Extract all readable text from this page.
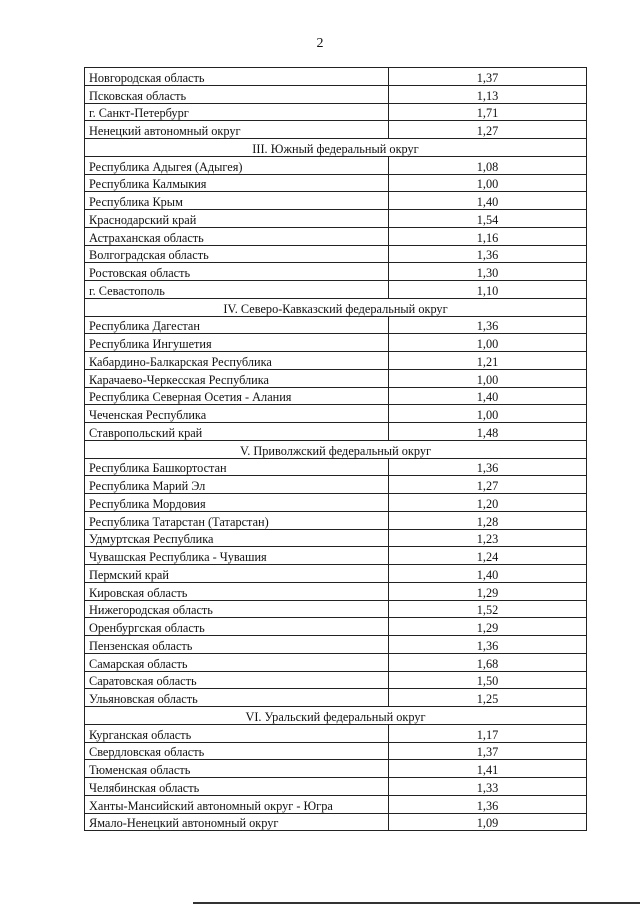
2
Новгородская область	1,37
Псковская область	1,13
г. Санкт-Петербург	1,71
Ненецкий автономный округ	1,27
III. Южный федеральный округ	
Республика Адыгея (Адыгея)	1,08
Республика Калмыкия	1,00
Республика Крым	1,40
Краснодарский край	1,54
Астраханская область	1,16
Волгоградская область	1,36
Ростовская область	1,30
г. Севастополь	1,10
IV. Северо-Кавказский федеральный округ	
Республика Дагестан	1,36
Республика Ингушетия	1,00
Кабардино-Балкарская Республика	1,21
Карачаево-Черкесская Республика	1,00
Республика Северная Осетия - Алания	1,40
Чеченская Республика	1,00
Ставропольский край	1,48
V. Приволжский федеральный округ	
Республика Башкортостан	1,36
Республика Марий Эл	1,27
Республика Мордовия	1,20
Республика Татарстан (Татарстан)	1,28
Удмуртская Республика	1,23
Чувашская Республика - Чувашия	1,24
Пермский край	1,40
Кировская область	1,29
Нижегородская область	1,52
Оренбургская область	1,29
Пензенская область	1,36
Самарская область	1,68
Саратовская область	1,50
Ульяновская область	1,25
VI. Уральский федеральный округ	
Курганская область	1,17
Свердловская область	1,37
Тюменская область	1,41
Челябинская область	1,33
Ханты-Мансийский автономный округ - Югра	1,36
Ямало-Ненецкий автономный округ	1,09
